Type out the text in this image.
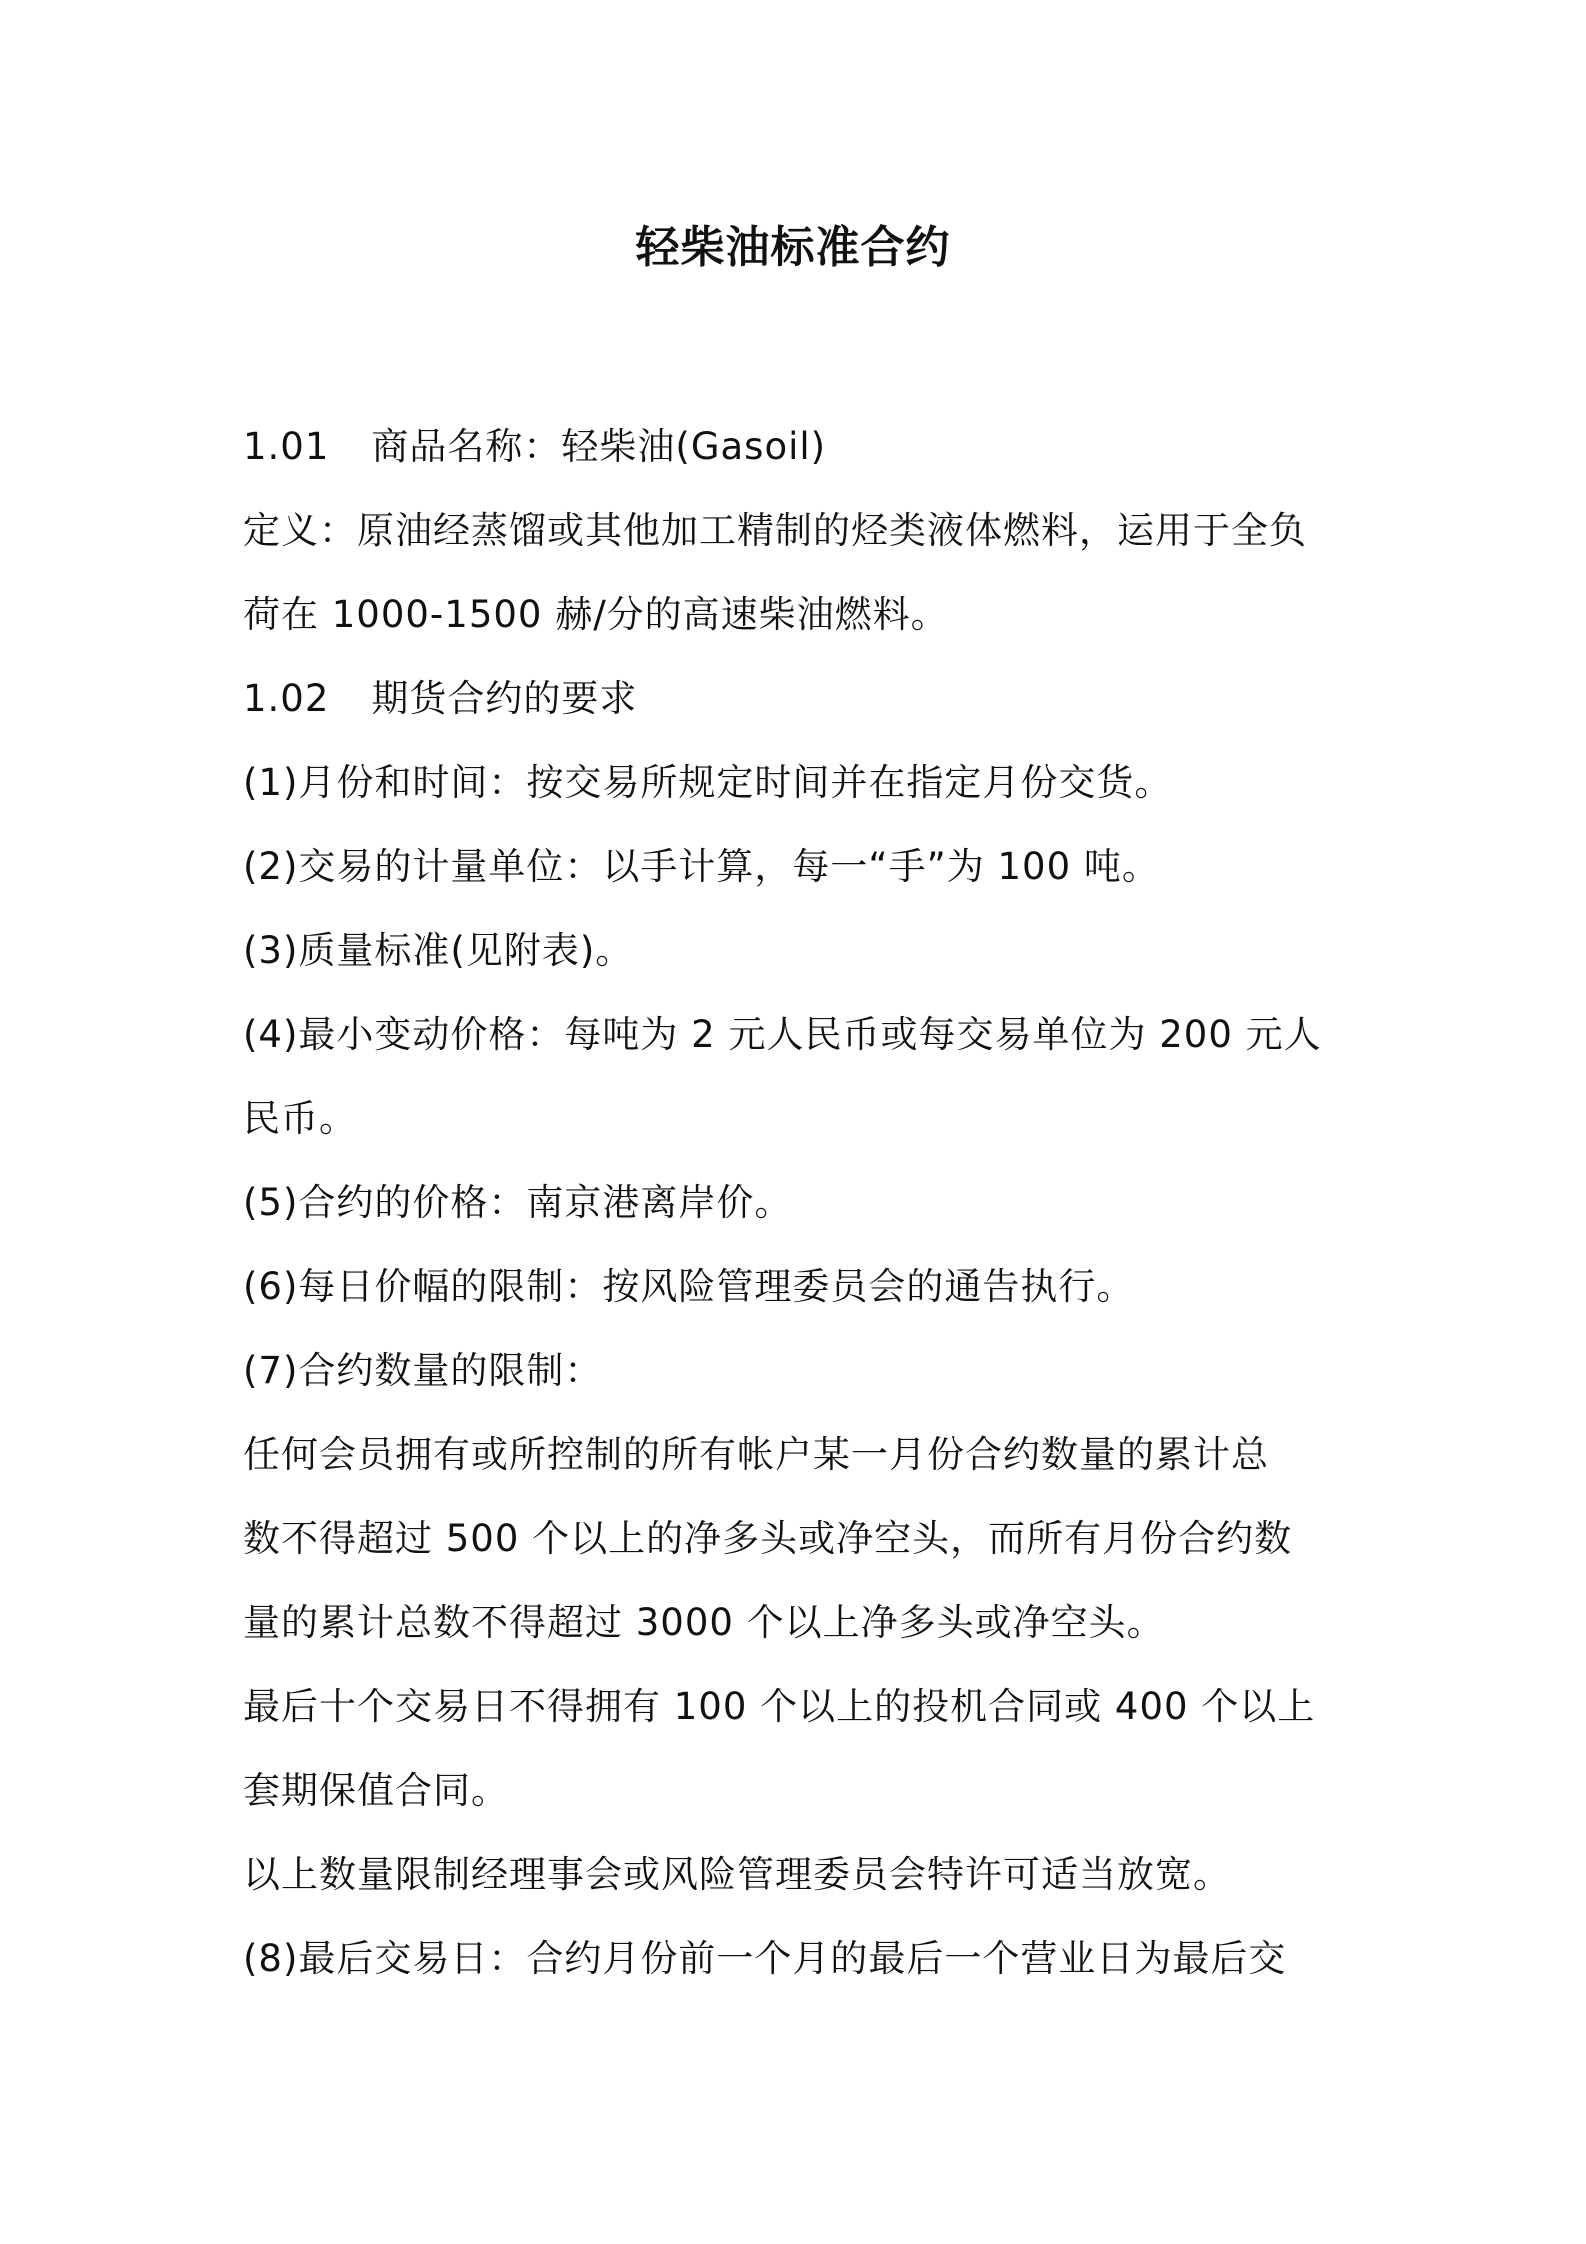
轻柴油标准合约
1.01 商品名称：轻柴油(Gasoil)
定义：原油经蒸馏或其他加工精制的烃类液体燃料，运用于全负
荷在 1000-1500 赫/分的高速柴油燃料。
1.02 期货合约的要求
(1)月份和时间：按交易所规定时间并在指定月份交货。
(2)交易的计量单位：以手计算，每一“手”为 100 吨。
(3)质量标准(见附表)。
(4)最小变动价格：每吨为 2 元人民币或每交易单位为 200 元人
民币。
(5)合约的价格：南京港离岸价。
(6)每日价幅的限制：按风险管理委员会的通告执行。
(7)合约数量的限制：
任何会员拥有或所控制的所有帐户某一月份合约数量的累计总
数不得超过 500 个以上的净多头或净空头，而所有月份合约数
量的累计总数不得超过 3000 个以上净多头或净空头。
最后十个交易日不得拥有 100 个以上的投机合同或 400 个以上
套期保值合同。
以上数量限制经理事会或风险管理委员会特许可适当放宽。
(8)最后交易日：合约月份前一个月的最后一个营业日为最后交
